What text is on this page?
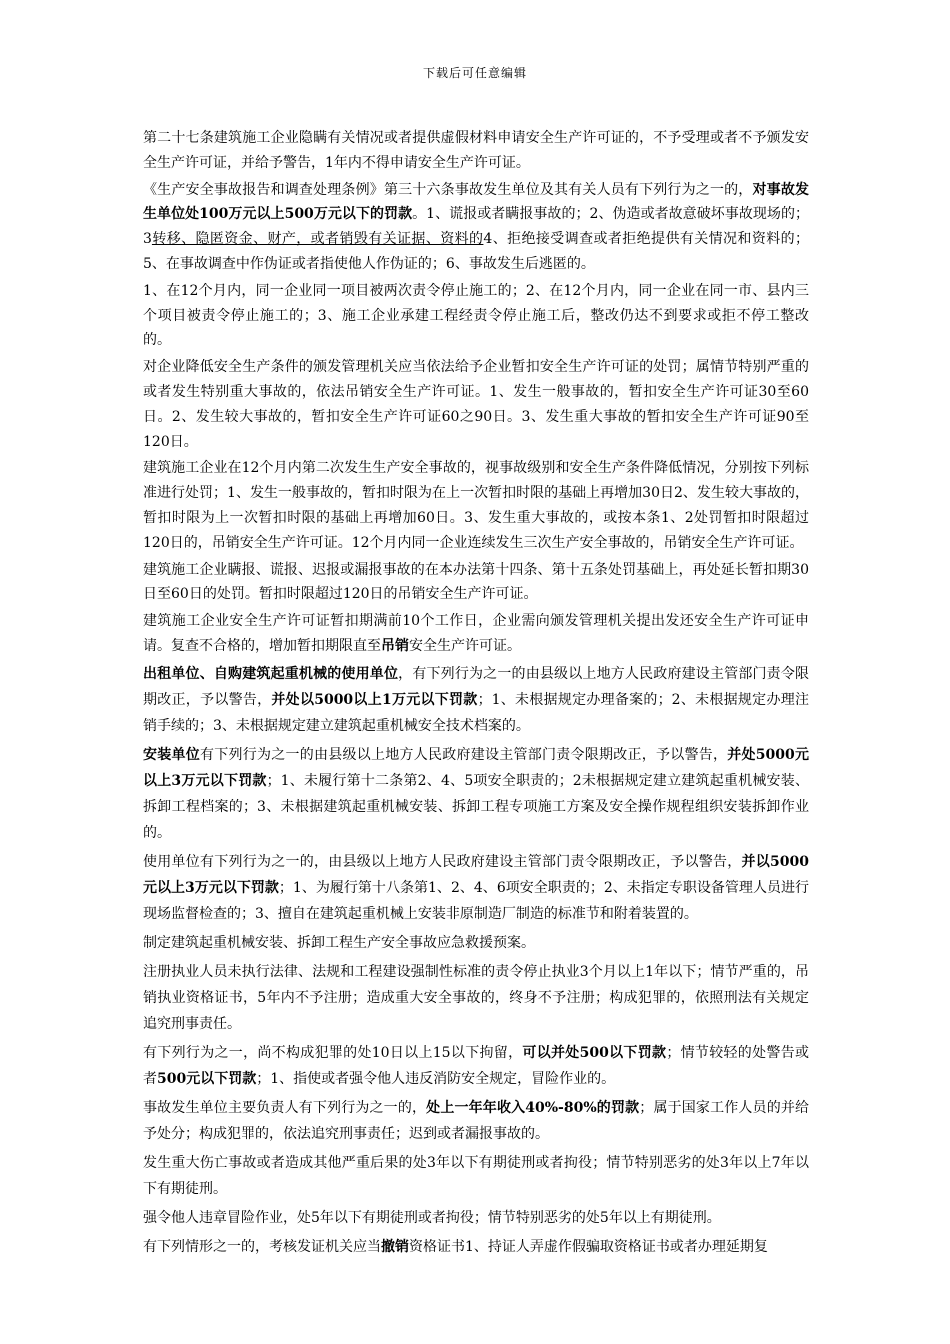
下载后可任意编辑

第二十七条建筑施工企业隐瞒有关情况或者提供虚假材料申请安全生产许可证的，不予受理或者不予颁发安全生产许可证，并给予警告，1年内不得申请安全生产许可证。

《生产安全事故报告和调查处理条例》第三十六条事故发生单位及其有关人员有下列行为之一的，对事故发生单位处100万元以上500万元以下的罚款。1、谎报或者瞒报事故的；2、伪造或者故意破坏事故现场的；3转移、隐匿资金、财产，或者销毁有关证据、资料的4、拒绝接受调查或者拒绝提供有关情况和资料的；5、在事故调查中作伪证或者指使他人作伪证的；6、事故发生后逃匿的。

1、在12个月内，同一企业同一项目被两次责令停止施工的；2、在12个月内，同一企业在同一市、县内三个项目被责令停止施工的；3、施工企业承建工程经责令停止施工后，整改仍达不到要求或拒不停工整改的。

对企业降低安全生产条件的颁发管理机关应当依法给予企业暂扣安全生产许可证的处罚；属情节特别严重的或者发生特别重大事故的，依法吊销安全生产许可证。1、发生一般事故的，暂扣安全生产许可证30至60日。2、发生较大事故的，暂扣安全生产许可证60之90日。3、发生重大事故的暂扣安全生产许可证90至120日。

建筑施工企业在12个月内第二次发生生产安全事故的，视事故级别和安全生产条件降低情况，分别按下列标准进行处罚；1、发生一般事故的，暂扣时限为在上一次暂扣时限的基础上再增加30日2、发生较大事故的，暂扣时限为上一次暂扣时限的基础上再增加60日。3、发生重大事故的，或按本条1、2处罚暂扣时限超过120日的，吊销安全生产许可证。12个月内同一企业连续发生三次生产安全事故的，吊销安全生产许可证。

建筑施工企业瞒报、谎报、迟报或漏报事故的在本办法第十四条、第十五条处罚基础上，再处延长暂扣期30日至60日的处罚。暂扣时限超过120日的吊销安全生产许可证。

建筑施工企业安全生产许可证暂扣期满前10个工作日，企业需向颁发管理机关提出发还安全生产许可证申请。复查不合格的，增加暂扣期限直至吊销安全生产许可证。

出租单位、自购建筑起重机械的使用单位，有下列行为之一的由县级以上地方人民政府建设主管部门责令限期改正，予以警告，并处以5000以上1万元以下罚款；1、未根据规定办理备案的；2、未根据规定办理注销手续的；3、未根据规定建立建筑起重机械安全技术档案的。

安装单位有下列行为之一的由县级以上地方人民政府建设主管部门责令限期改正，予以警告，并处5000元以上3万元以下罚款；1、未履行第十二条第2、4、5项安全职责的；2未根据规定建立建筑起重机械安装、拆卸工程档案的；3、未根据建筑起重机械安装、拆卸工程专项施工方案及安全操作规程组织安装拆卸作业的。

使用单位有下列行为之一的，由县级以上地方人民政府建设主管部门责令限期改正，予以警告，并以5000元以上3万元以下罚款；1、为履行第十八条第1、2、4、6项安全职责的；2、未指定专职设备管理人员进行现场监督检查的；3、擅自在建筑起重机械上安装非原制造厂制造的标准节和附着装置的。

制定建筑起重机械安装、拆卸工程生产安全事故应急救援预案。

注册执业人员未执行法律、法规和工程建设强制性标准的责令停止执业3个月以上1年以下；情节严重的，吊销执业资格证书，5年内不予注册；造成重大安全事故的，终身不予注册；构成犯罪的，依照刑法有关规定追究刑事责任。

有下列行为之一，尚不构成犯罪的处10日以上15以下拘留，可以并处500以下罚款；情节较轻的处警告或者500元以下罚款；1、指使或者强令他人违反消防安全规定，冒险作业的。

事故发生单位主要负责人有下列行为之一的，处上一年年收入40%-80%的罚款；属于国家工作人员的并给予处分；构成犯罪的，依法追究刑事责任；迟到或者漏报事故的。

发生重大伤亡事故或者造成其他严重后果的处3年以下有期徒刑或者拘役；情节特别恶劣的处3年以上7年以下有期徒刑。

强令他人违章冒险作业，处5年以下有期徒刑或者拘役；情节特别恶劣的处5年以上有期徒刑。

有下列情形之一的，考核发证机关应当撤销资格证书1、持证人弄虚作假骗取资格证书或者办理延期复
